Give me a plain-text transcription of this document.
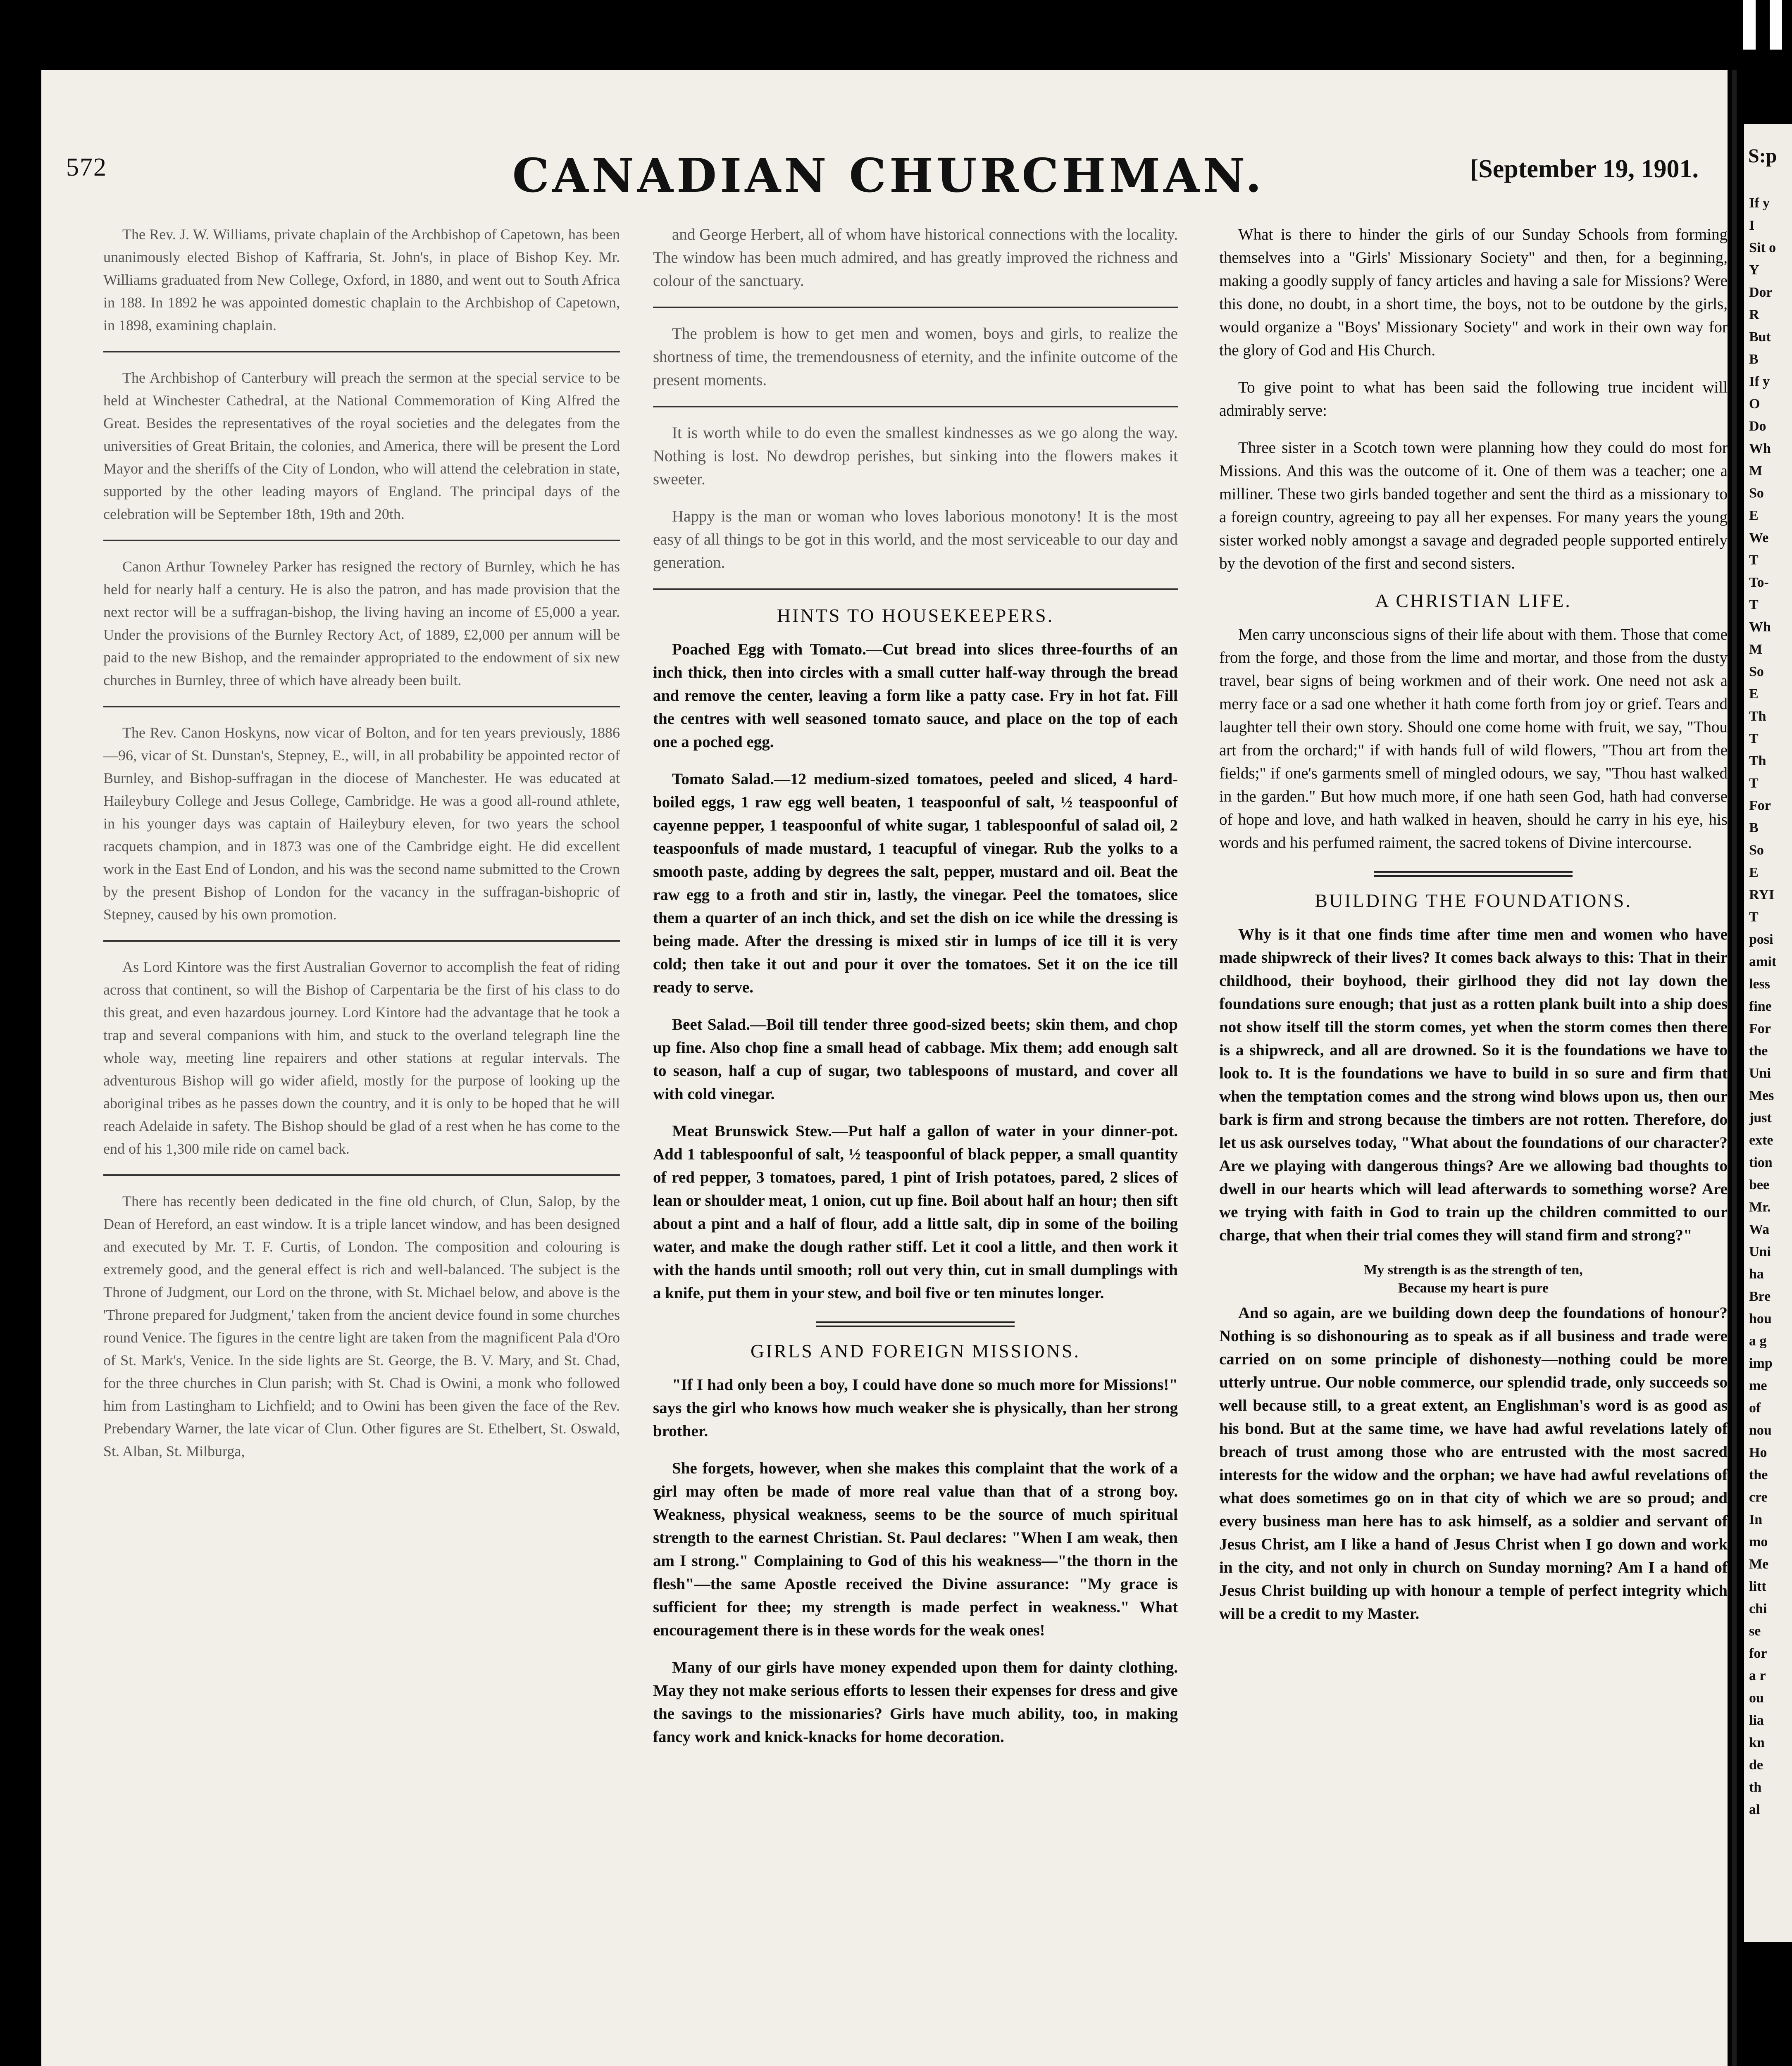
572	CANADIAN CHURCHMAN.	[September 19, 1901.

The Rev. J. W. Williams, private chaplain of the Archbishop of Capetown, has been unanimously elected Bishop of Kaffraria, St. John's, in place of Bishop Key. Mr. Williams graduated from New College, Oxford, in 1880, and went out to South Africa in 188. In 1892 he was appointed domestic chaplain to the Archbishop of Capetown, in 1898, examining chaplain.

The Archbishop of Canterbury will preach the sermon at the special service to be held at Winchester Cathedral, at the National Commemoration of King Alfred the Great. Besides the representatives of the royal societies and the delegates from the universities of Great Britain, the colonies, and America, there will be present the Lord Mayor and the sheriffs of the City of London, who will attend the celebration in state, supported by the other leading mayors of England. The principal days of the celebration will be September 18th, 19th and 20th.

Canon Arthur Towneley Parker has resigned the rectory of Burnley, which he has held for nearly half a century. He is also the patron, and has made provision that the next rector will be a suffragan-bishop, the living having an income of £5,000 a year. Under the provisions of the Burnley Rectory Act, of 1889, £2,000 per annum will be paid to the new Bishop, and the remainder appropriated to the endowment of six new churches in Burnley, three of which have already been built.

The Rev. Canon Hoskyns, now vicar of Bolton, and for ten years previously, 1886—96, vicar of St. Dunstan's, Stepney, E., will, in all probability be appointed rector of Burnley, and Bishop-suffragan in the diocese of Manchester. He was educated at Haileybury College and Jesus College, Cambridge. He was a good all-round athlete, in his younger days was captain of Haileybury eleven, for two years the school racquets champion, and in 1873 was one of the Cambridge eight. He did excellent work in the East End of London, and his was the second name submitted to the Crown by the present Bishop of London for the vacancy in the suffragan-bishopric of Stepney, caused by his own promotion.

As Lord Kintore was the first Australian Governor to accomplish the feat of riding across that continent, so will the Bishop of Carpentaria be the first of his class to do this great, and even hazardous journey. Lord Kintore had the advantage that he took a trap and several companions with him, and stuck to the overland telegraph line the whole way, meeting line repairers and other stations at regular intervals. The adventurous Bishop will go wider afield, mostly for the purpose of looking up the aboriginal tribes as he passes down the country, and it is only to be hoped that he will reach Adelaide in safety. The Bishop should be glad of a rest when he has come to the end of his 1,300 mile ride on camel back.

There has recently been dedicated in the fine old church, of Clun, Salop, by the Dean of Hereford, an east window. It is a triple lancet window, and has been designed and executed by Mr. T. F. Curtis, of London. The composition and colouring is extremely good, and the general effect is rich and well-balanced. The subject is the Throne of Judgment, our Lord on the throne, with St. Michael below, and above is the 'Throne prepared for Judgment,' taken from the ancient device found in some churches round Venice. The figures in the centre light are taken from the magnificent Pala d'Oro of St. Mark's, Venice. In the side lights are St. George, the B. V. Mary, and St. Chad, for the three churches in Clun parish; with St. Chad is Owini, a monk who followed him from Lastingham to Lichfield; and to Owini has been given the face of the Rev. Prebendary Warner, the late vicar of Clun. Other figures are St. Ethelbert, St. Oswald, St. Alban, St. Milburga,

and George Herbert, all of whom have historical connections with the locality. The window has been much admired, and has greatly improved the richness and colour of the sanctuary.

The problem is how to get men and women, boys and girls, to realize the shortness of time, the tremendousness of eternity, and the infinite outcome of the present moments.

It is worth while to do even the smallest kindnesses as we go along the way. Nothing is lost. No dewdrop perishes, but sinking into the flowers makes it sweeter.

Happy is the man or woman who loves laborious monotony! It is the most easy of all things to be got in this world, and the most serviceable to our day and generation.

HINTS TO HOUSEKEEPERS.

Poached Egg with Tomato.—Cut bread into slices three-fourths of an inch thick, then into circles with a small cutter half-way through the bread and remove the center, leaving a form like a patty case. Fry in hot fat. Fill the centres with well seasoned tomato sauce, and place on the top of each one a poched egg.

Tomato Salad.—12 medium-sized tomatoes, peeled and sliced, 4 hard-boiled eggs, 1 raw egg well beaten, 1 teaspoonful of salt, ½ teaspoonful of cayenne pepper, 1 teaspoonful of white sugar, 1 tablespoonful of salad oil, 2 teaspoonfuls of made mustard, 1 teacupful of vinegar. Rub the yolks to a smooth paste, adding by degrees the salt, pepper, mustard and oil. Beat the raw egg to a froth and stir in, lastly, the vinegar. Peel the tomatoes, slice them a quarter of an inch thick, and set the dish on ice while the dressing is being made. After the dressing is mixed stir in lumps of ice till it is very cold; then take it out and pour it over the tomatoes. Set it on the ice till ready to serve.

Beet Salad.—Boil till tender three good-sized beets; skin them, and chop up fine. Also chop fine a small head of cabbage. Mix them; add enough salt to season, half a cup of sugar, two tablespoons of mustard, and cover all with cold vinegar.

Meat Brunswick Stew.—Put half a gallon of water in your dinner-pot. Add 1 tablespoonful of salt, ½ teaspoonful of black pepper, a small quantity of red pepper, 3 tomatoes, pared, 1 pint of Irish potatoes, pared, 2 slices of lean or shoulder meat, 1 onion, cut up fine. Boil about half an hour; then sift about a pint and a half of flour, add a little salt, dip in some of the boiling water, and make the dough rather stiff. Let it cool a little, and then work it with the hands until smooth; roll out very thin, cut in small dumplings with a knife, put them in your stew, and boil five or ten minutes longer.

GIRLS AND FOREIGN MISSIONS.

"If I had only been a boy, I could have done so much more for Missions!" says the girl who knows how much weaker she is physically, than her strong brother.

She forgets, however, when she makes this complaint that the work of a girl may often be made of more real value than that of a strong boy. Weakness, physical weakness, seems to be the source of much spiritual strength to the earnest Christian. St. Paul declares: "When I am weak, then am I strong." Complaining to God of this his weakness—"the thorn in the flesh"—the same Apostle received the Divine assurance: "My grace is sufficient for thee; my strength is made perfect in weakness." What encouragement there is in these words for the weak ones!

Many of our girls have money expended upon them for dainty clothing. May they not make serious efforts to lessen their expenses for dress and give the savings to the missionaries? Girls have much ability, too, in making fancy work and knick-knacks for home decoration.

What is there to hinder the girls of our Sunday Schools from forming themselves into a "Girls' Missionary Society" and then, for a beginning, making a goodly supply of fancy articles and having a sale for Missions? Were this done, no doubt, in a short time, the boys, not to be outdone by the girls, would organize a "Boys' Missionary Society" and work in their own way for the glory of God and His Church.

To give point to what has been said the following true incident will admirably serve:

Three sister in a Scotch town were planning how they could do most for Missions. And this was the outcome of it. One of them was a teacher; one a milliner. These two girls banded together and sent the third as a missionary to a foreign country, agreeing to pay all her expenses. For many years the young sister worked nobly amongst a savage and degraded people supported entirely by the devotion of the first and second sisters.

A CHRISTIAN LIFE.

Men carry unconscious signs of their life about with them. Those that come from the forge, and those from the lime and mortar, and those from the dusty travel, bear signs of being workmen and of their work. One need not ask a merry face or a sad one whether it hath come forth from joy or grief. Tears and laughter tell their own story. Should one come home with fruit, we say, "Thou art from the orchard;" if with hands full of wild flowers, "Thou art from the fields;" if one's garments smell of mingled odours, we say, "Thou hast walked in the garden." But how much more, if one hath seen God, hath had converse of hope and love, and hath walked in heaven, should he carry in his eye, his words and his perfumed raiment, the sacred tokens of Divine intercourse.

BUILDING THE FOUNDATIONS.

Why is it that one finds time after time men and women who have made shipwreck of their lives? It comes back always to this: That in their childhood, their boyhood, their girlhood they did not lay down the foundations sure enough; that just as a rotten plank built into a ship does not show itself till the storm comes, yet when the storm comes then there is a shipwreck, and all are drowned. So it is the foundations we have to look to. It is the foundations we have to build in so sure and firm that when the temptation comes and the strong wind blows upon us, then our bark is firm and strong because the timbers are not rotten. Therefore, do let us ask ourselves today, "What about the foundations of our character? Are we playing with dangerous things? Are we allowing bad thoughts to dwell in our hearts which will lead afterwards to something worse? Are we trying with faith in God to train up the children committed to our charge, that when their trial comes they will stand firm and strong?"

My strength is as the strength of ten,
Because my heart is pure

And so again, are we building down deep the foundations of honour? Nothing is so dishonouring as to speak as if all business and trade were carried on on some principle of dishonesty—nothing could be more utterly untrue. Our noble commerce, our splendid trade, only succeeds so well because still, to a great extent, an Englishman's word is as good as his bond. But at the same time, we have had awful revelations lately of breach of trust among those who are entrusted with the most sacred interests for the widow and the orphan; we have had awful revelations of what does sometimes go on in that city of which we are so proud; and every business man here has to ask himself, as a soldier and servant of Jesus Christ, am I like a hand of Jesus Christ when I go down and work in the city, and not only in church on Sunday morning? Am I a hand of Jesus Christ building up with honour a temple of perfect integrity which will be a credit to my Master.

S:p
If y
I
Sit o
Y
Dor
R
But
B
If y
O
Do
Wh
M
So
E
We
T
To-
T
Wh
M
So
E
Th
T
Th
T
For
B
So
E
RYI
T
posi
amit
less
fine
For
the
Uni
Mes
just
exte
tion
bee
Mr.
Wa
Uni
ha
Bre
hou
a g
imp
me
of
nou
Ho
the
cre
In
mo
Me
litt
chi
se
for
a r
ou
lia
kn
de
th
al
